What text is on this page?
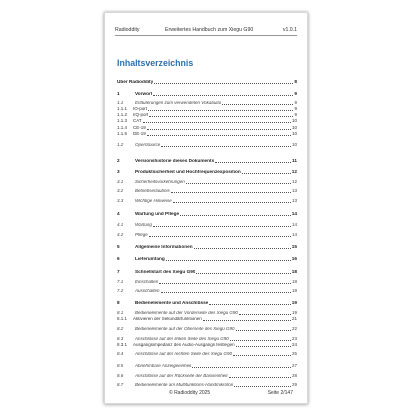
Radioddity	Erweitertes Handbuch zum Xiegu G90	v1.0.1
Inhaltsverzeichnis
Über Radioddity	8
1	Vorwort	9
1.1	Erläuterungen zum verwendeten Vokabular	9
1.1.1	IO-port	9
1.1.2	I/Q-port	9
1.1.3	CAT	10
1.1.4	CE-19	10
1.1.5	DE-19	10
1.2	OpenSource	10
2	Versionshistorie dieses Dokuments	11
3	Produktsicherheit und Hochfrequenzexposition	12
3.1	Sicherheitsvorkehrungen	12
3.2	Betriebserlaubnis	13
3.3	Wichtige Hinweise	13
4	Wartung und Pflege	14
4.1	Wartung	14
4.2	Pflege	14
5	Allgemeine Informationen	15
6	Lieferumfang	16
7	Schnellstart des Xiegu G90	18
7.1	Einschalten	18
7.2	Ausschalten	18
8	Bedienelemente und Anschlüsse	19
8.1	Bedienelemente auf der Vorderseite des Xiegu G90	19
8.1.1	Aktivieren der Sekundärfunktionen	21
8.2	Bedienelemente auf der Oberseite des Xiegu G90	22
8.3	Anschlüsse auf der linken Seite des Xiegu G90	23
8.3.1	Ausgangsimpedanz des Audio-Ausgangs festlegen	24
8.4	Anschlüsse auf der rechten Seite des Xiegu G90	25
8.5	Abnehmbare Anzeigeeinheit	27
8.6	Anschlüsse auf der Rückseite der Basiseinheit	28
8.7	Bedienelemente am Multifunktions-Handmikrofon	29
© Radioddity 2025	Seite 2/147
